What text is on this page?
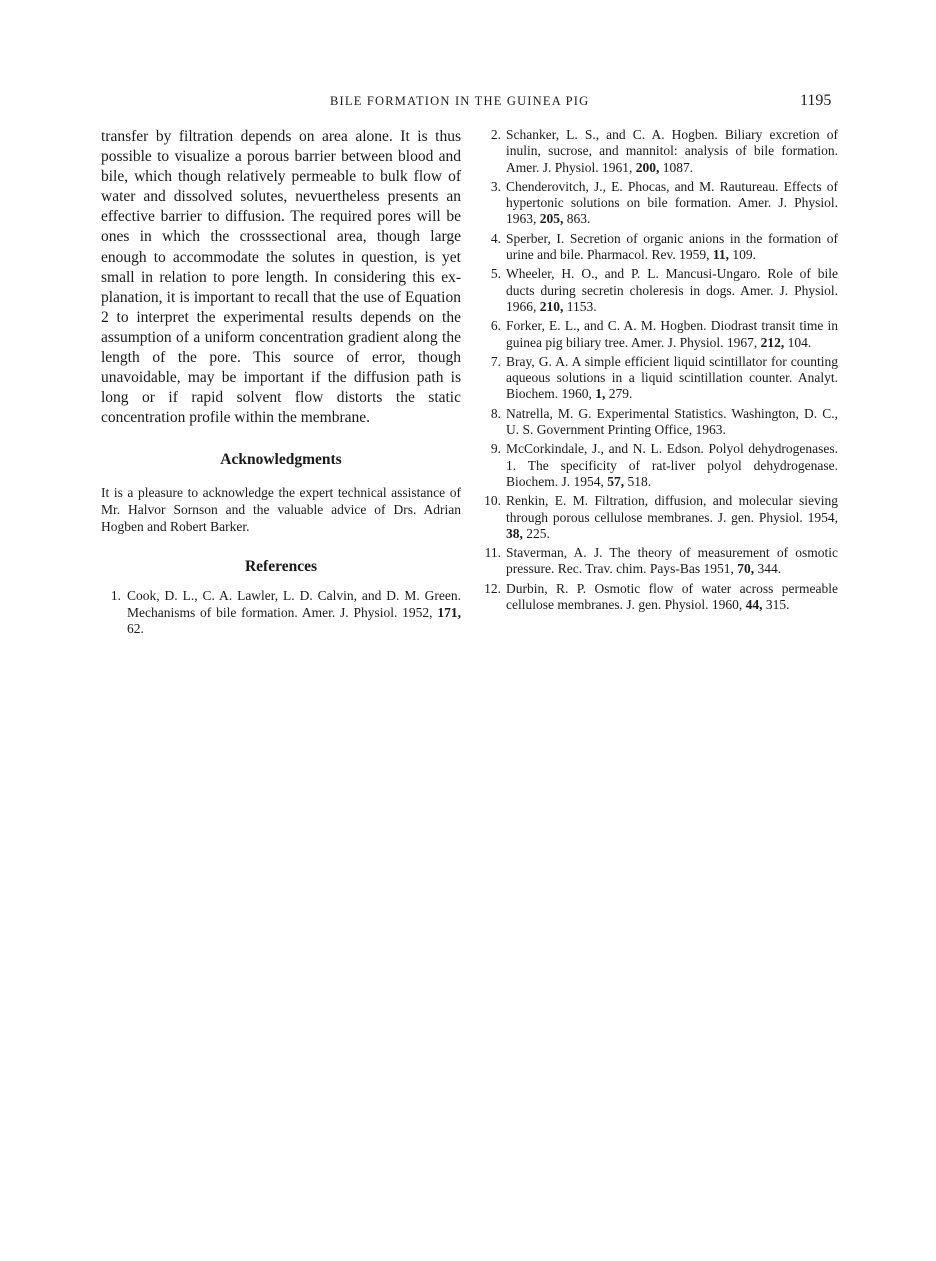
BILE FORMATION IN THE GUINEA PIG	1195

transfer by filtration depends on area alone. It is thus possible to visualize a porous barrier between blood and bile, which though relatively permeable to bulk flow of water and dissolved solutes, nevuertheless presents an effective barrier to diffusion. The required pores will be ones in which the crosssectional area, though large enough to accommodate the solutes in question, is yet small in relation to pore length. In considering this explanation, it is important to recall that the use of Equation 2 to interpret the experimental results depends on the assumption of a uniform concentration gradient along the length of the pore. This source of error, though unavoidable, may be important if the diffusion path is long or if rapid solvent flow distorts the static concentration profile within the membrane.

Acknowledgments

It is a pleasure to acknowledge the expert technical assistance of Mr. Halvor Sornson and the valuable advice of Drs. Adrian Hogben and Robert Barker.

References
1. Cook, D. L., C. A. Lawler, L. D. Calvin, and D. M. Green. Mechanisms of bile formation. Amer. J. Physiol. 1952, 171, 62.
2. Schanker, L. S., and C. A. Hogben. Biliary excretion of inulin, sucrose, and mannitol: analysis of bile formation. Amer. J. Physiol. 1961, 200, 1087.
3. Chenderovitch, J., E. Phocas, and M. Rautureau. Effects of hypertonic solutions on bile formation. Amer. J. Physiol. 1963, 205, 863.
4. Sperber, I. Secretion of organic anions in the formation of urine and bile. Pharmacol. Rev. 1959, 11, 109.
5. Wheeler, H. O., and P. L. Mancusi-Ungaro. Role of bile ducts during secretin choleresis in dogs. Amer. J. Physiol. 1966, 210, 1153.
6. Forker, E. L., and C. A. M. Hogben. Diodrast transit time in guinea pig biliary tree. Amer. J. Physiol. 1967, 212, 104.
7. Bray, G. A. A simple efficient liquid scintillator for counting aqueous solutions in a liquid scintillation counter. Analyt. Biochem. 1960, 1, 279.
8. Natrella, M. G. Experimental Statistics. Washington, D. C., U. S. Government Printing Office, 1963.
9. McCorkindale, J., and N. L. Edson. Polyol dehydrogenases. 1. The specificity of rat-liver polyol dehydrogenase. Biochem. J. 1954, 57, 518.
10. Renkin, E. M. Filtration, diffusion, and molecular sieving through porous cellulose membranes. J. gen. Physiol. 1954, 38, 225.
11. Staverman, A. J. The theory of measurement of osmotic pressure. Rec. Trav. chim. Pays-Bas 1951, 70, 344.
12. Durbin, R. P. Osmotic flow of water across permeable cellulose membranes. J. gen. Physiol. 1960, 44, 315.
